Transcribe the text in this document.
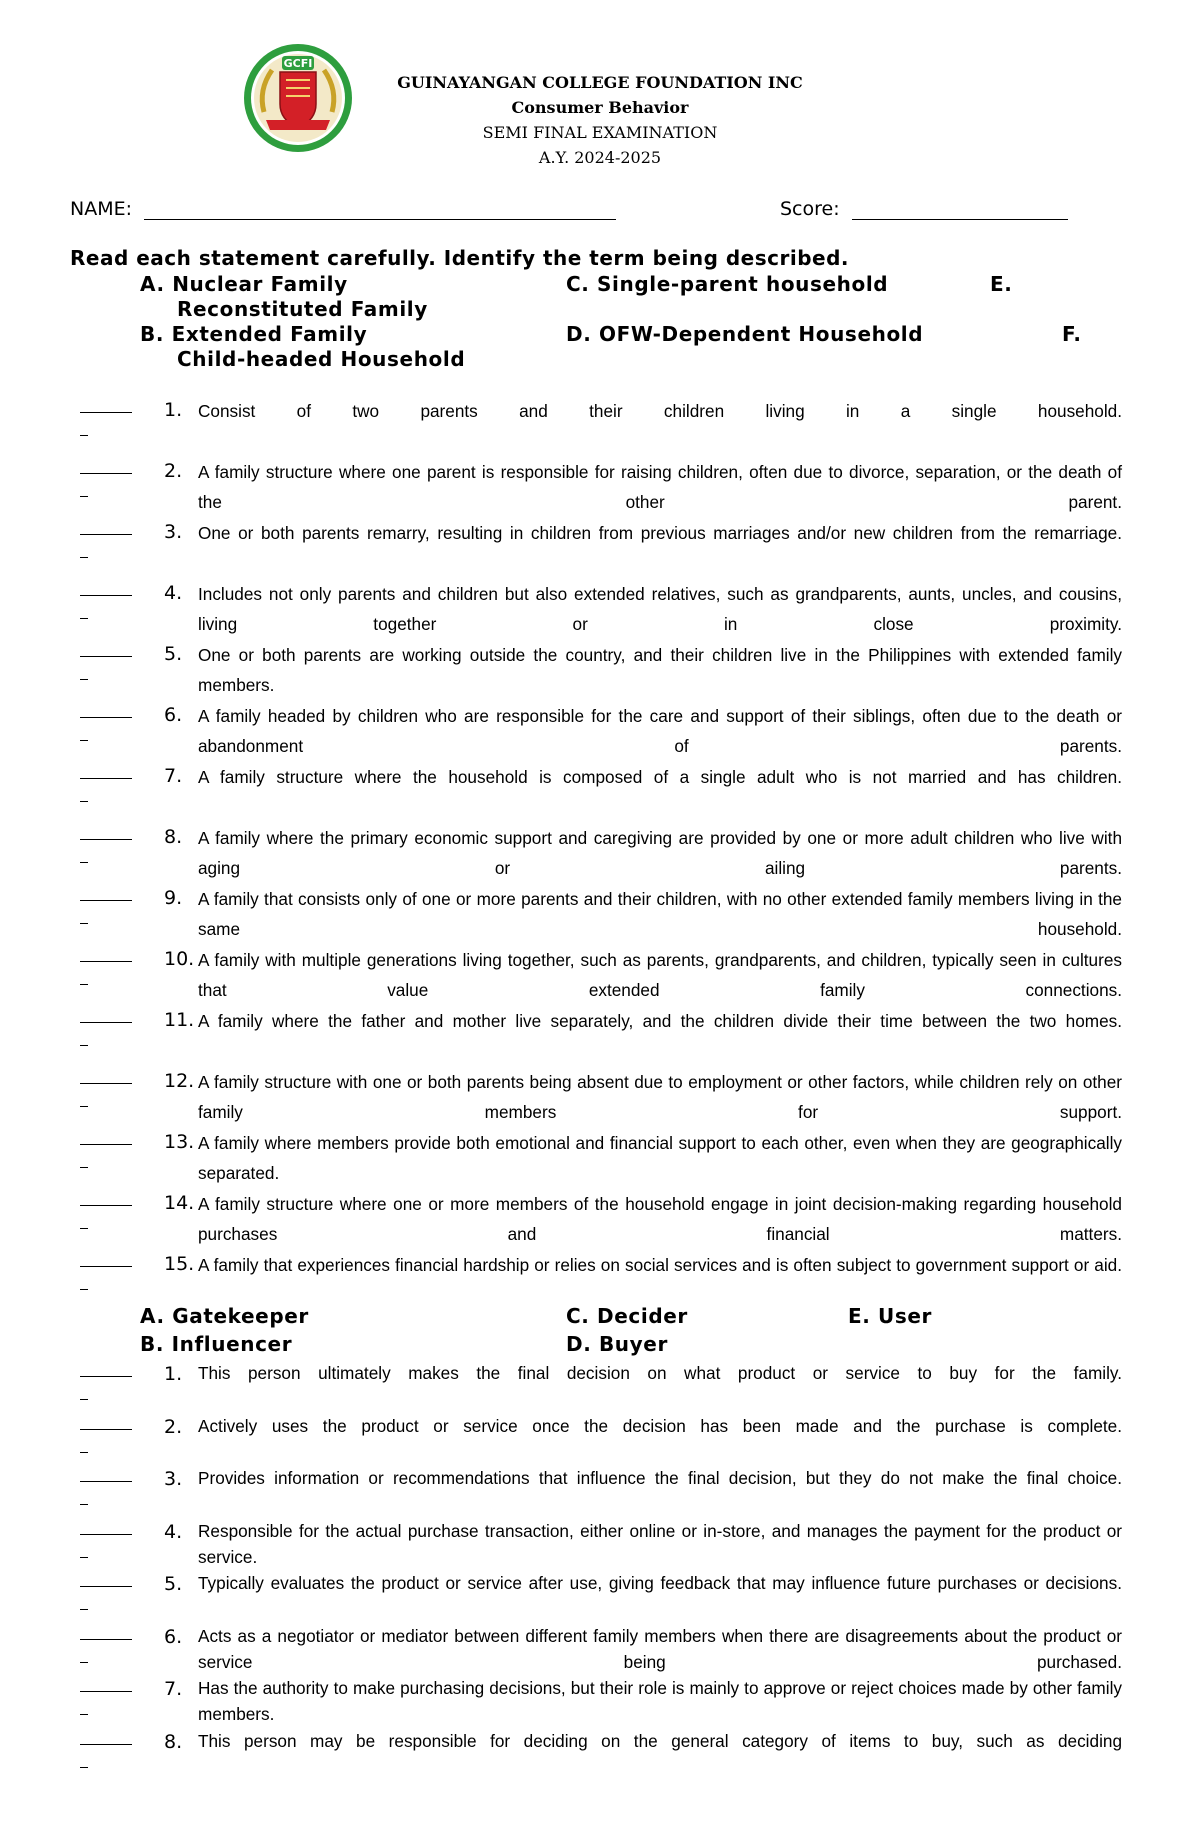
GCFI
GUINAYANGAN COLLEGE FOUNDATION INC
Consumer Behavior
SEMI FINAL EXAMINATION
A.Y. 2024-2025
NAME:	Score:
Read each statement carefully. Identify the term being described.
A. Nuclear Family	C. Single-parent household	E.
Reconstituted Family
B. Extended Family	D. OFW-Dependent Household	F.
Child-headed Household
1. Consist of two parents and their children living in a single household.
2. A family structure where one parent is responsible for raising children, often due to divorce, separation, or the death of the other parent.
3. One or both parents remarry, resulting in children from previous marriages and/or new children from the remarriage.
4. Includes not only parents and children but also extended relatives, such as grandparents, aunts, uncles, and cousins, living together or in close proximity.
5. One or both parents are working outside the country, and their children live in the Philippines with extended family members.
6. A family headed by children who are responsible for the care and support of their siblings, often due to the death or abandonment of parents.
7. A family structure where the household is composed of a single adult who is not married and has children.
8. A family where the primary economic support and caregiving are provided by one or more adult children who live with aging or ailing parents.
9. A family that consists only of one or more parents and their children, with no other extended family members living in the same household.
10. A family with multiple generations living together, such as parents, grandparents, and children, typically seen in cultures that value extended family connections.
11. A family where the father and mother live separately, and the children divide their time between the two homes.
12. A family structure with one or both parents being absent due to employment or other factors, while children rely on other family members for support.
13. A family where members provide both emotional and financial support to each other, even when they are geographically separated.
14. A family structure where one or more members of the household engage in joint decision-making regarding household purchases and financial matters.
15. A family that experiences financial hardship or relies on social services and is often subject to government support or aid.
A. Gatekeeper	C. Decider	E. User
B. Influencer	D. Buyer
1. This person ultimately makes the final decision on what product or service to buy for the family.
2. Actively uses the product or service once the decision has been made and the purchase is complete.
3. Provides information or recommendations that influence the final decision, but they do not make the final choice.
4. Responsible for the actual purchase transaction, either online or in-store, and manages the payment for the product or service.
5. Typically evaluates the product or service after use, giving feedback that may influence future purchases or decisions.
6. Acts as a negotiator or mediator between different family members when there are disagreements about the product or service being purchased.
7. Has the authority to make purchasing decisions, but their role is mainly to approve or reject choices made by other family members.
8. This person may be responsible for deciding on the general category of items to buy, such as deciding
